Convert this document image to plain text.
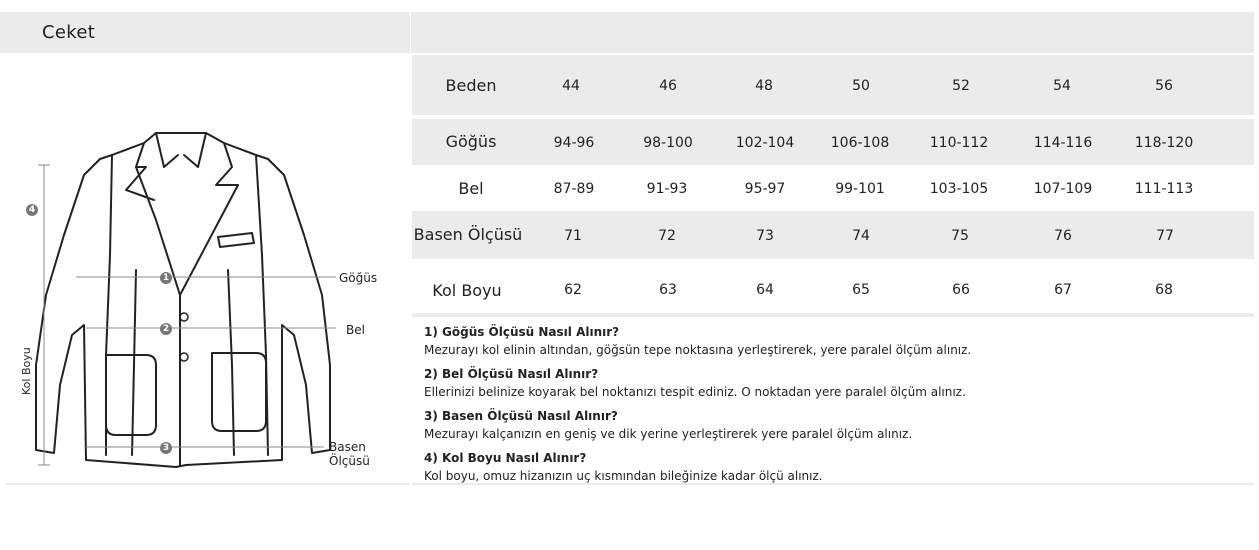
Ceket
1
2
3
4
Göğüs
Bel
Basen Ölçüsü
Kol Boyu
Beden	44	46	48	50	52	54	56
Göğüs	94-96	98-100	102-104	106-108	110-112	114-116	118-120
Bel	87-89	91-93	95-97	99-101	103-105	107-109	111-113
Basen Ölçüsü	71	72	73	74	75	76	77
Kol Boyu	62	63	64	65	66	67	68
1) Göğüs Ölçüsü Nasıl Alınır?
Mezurayı kol elinin altından, göğsün tepe noktasına yerleştirerek, yere paralel ölçüm alınız.
2) Bel Ölçüsü Nasıl Alınır?
Ellerinizi belinize koyarak bel noktanızı tespit ediniz. O noktadan yere paralel ölçüm alınız.
3) Basen Ölçüsü Nasıl Alınır?
Mezurayı kalçanızın en geniş ve dik yerine yerleştirerek yere paralel ölçüm alınız.
4) Kol Boyu Nasıl Alınır?
Kol boyu, omuz hizanızın uç kısmından bileğinize kadar ölçü alınız.
